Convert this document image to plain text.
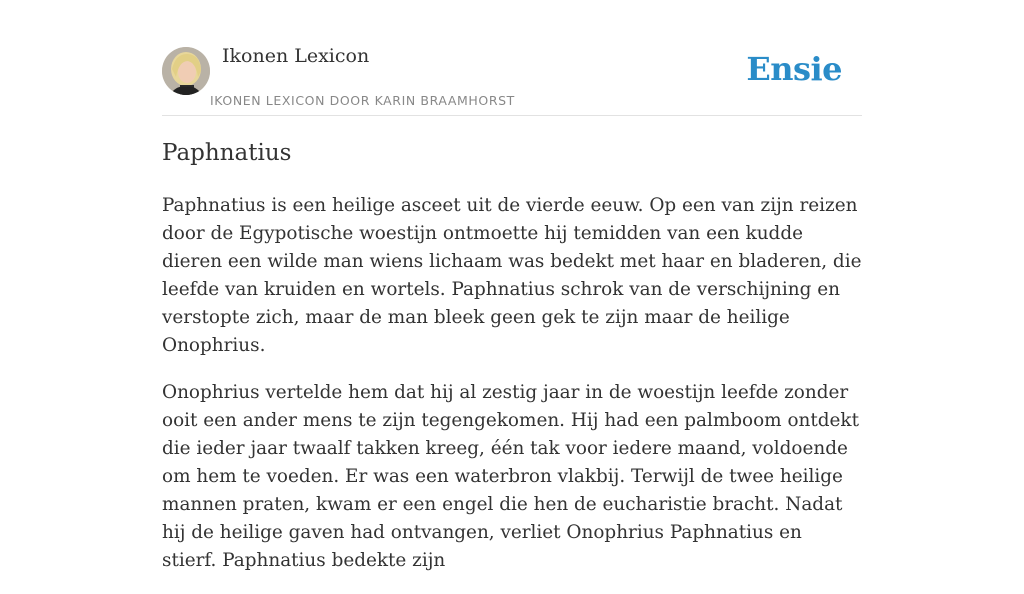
Ikonen Lexicon
IKONEN LEXICON DOOR KARIN BRAAMHORST
Ensie
Paphnatius

Paphnatius is een heilige asceet uit de vierde eeuw. Op een van zijn reizen door de Egypotische woestijn ontmoette hij temidden van een kudde dieren een wilde man wiens lichaam was bedekt met haar en bladeren, die leefde van kruiden en wortels. Paphnatius schrok van de verschijning en verstopte zich, maar de man bleek geen gek te zijn maar de heilige Onophrius.

Onophrius vertelde hem dat hij al zestig jaar in de woestijn leefde zonder ooit een ander mens te zijn tegengekomen. Hij had een palmboom ontdekt die ieder jaar twaalf takken kreeg, één tak voor iedere maand, voldoende om hem te voeden. Er was een waterbron vlakbij. Terwijl de twee heilige mannen praten, kwam er een engel die hen de eucharistie bracht. Nadat hij de heilige gaven had ontvangen, verliet Onophrius Paphnatius en stierf. Paphnatius bedekte zijn
